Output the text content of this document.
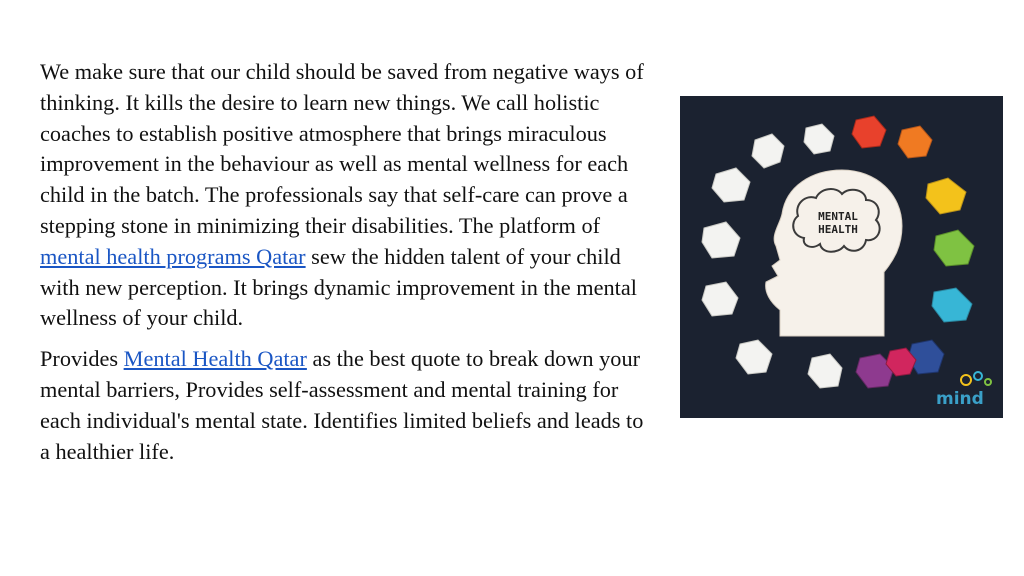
We make sure that our child should be saved from negative ways of thinking. It kills the desire to learn new things. We call holistic coaches to establish positive atmosphere that brings miraculous improvement in the behaviour as well as mental wellness for each child in the batch. The professionals say that self-care can prove a stepping stone in minimizing their disabilities. The platform of mental health programs Qatar sew the hidden talent of your child with new perception. It brings dynamic improvement in the mental wellness of your child.

Provides Mental Health Qatar as the best quote to break down your mental barriers, Provides self-assessment and mental training for each individual's mental state. Identifies limited beliefs and leads to a healthier life.

MENTAL
HEALTH
mind
